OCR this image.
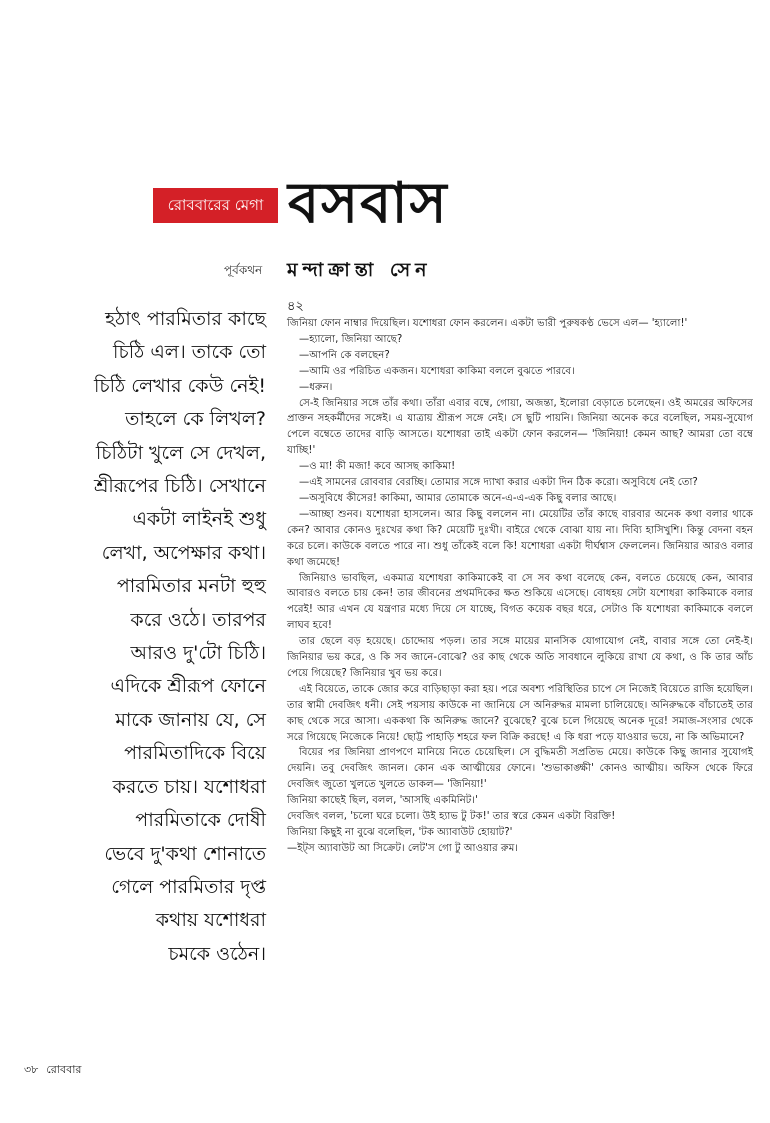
রোববারের মেগা বসবাস
পূর্বকথন মন্দাক্রান্তা সেন
হঠাৎ পারমিতার কাছে
চিঠি এল। তাকে তো
চিঠি লেখার কেউ নেই!
তাহলে কে লিখল?
চিঠিটা খুলে সে দেখল,
শ্রীরূপের চিঠি। সেখানে
একটা লাইনই শুধু
লেখা, অপেক্ষার কথা।
পারমিতার মনটা হুহু
করে ওঠে। তারপর
আরও দু'টো চিঠি।
এদিকে শ্রীরূপ ফোনে
মাকে জানায় যে, সে
পারমিতাদিকে বিয়ে
করতে চায়। যশোধরা
পারমিতাকে দোষী
ভেবে দু'কথা শোনাতে
গেলে পারমিতার দৃপ্ত
কথায় যশোধরা
চমকে ওঠেন।
৪২

জিনিয়া ফোন নাম্বার দিয়েছিল। যশোধরা ফোন করলেন। একটা ভারী পুরুষকণ্ঠ ভেসে এল— 'হ্যালো!'

—হ্যালো, জিনিয়া আছে?

—আপনি কে বলছেন?

—আমি ওর পরিচিত একজন। যশোধরা কাকিমা বললে বুঝতে পারবে।

—ধরুন।

সে-ই জিনিয়ার সঙ্গে তাঁর কথা। তাঁরা এবার বম্বে, গোয়া, অজন্তা, ইলোরা বেড়াতে চলেছেন। ওই অমরের অফিসের প্রাক্তন সহকর্মীদের সঙ্গেই। এ যাত্রায় শ্রীরূপ সঙ্গে নেই। সে ছুটি পায়নি। জিনিয়া অনেক করে বলেছিল, সময়-সুযোগ পেলে বম্বেতে তাদের বাড়ি আসতে। যশোধরা তাই একটা ফোন করলেন— 'জিনিয়া! কেমন আছ? আমরা তো বম্বে যাচ্ছি!'

—ও মা! কী মজা! কবে আসছ কাকিমা!

—এই সামনের রোববার বেরচ্ছি। তোমার সঙ্গে দ্যাখা করার একটা দিন ঠিক করো। অসুবিধে নেই তো?

—অসুবিধে কীসের! কাকিমা, আমার তোমাকে অনে-এ-এ-এক কিছু বলার আছে।

—আচ্ছা শুনব। যশোধরা হাসলেন। আর কিছু বললেন না। মেয়েটির তাঁর কাছে বারবার অনেক কথা বলার থাকে কেন? আবার কোনও দুঃখের কথা কি? মেয়েটি দুঃখী। বাইরে থেকে বোঝা যায় না। দিব্যি হাসিখুশি। কিন্তু বেদনা বহন করে চলে। কাউকে বলতে পারে না। শুধু তাঁকেই বলে কি! যশোধরা একটা দীর্ঘশ্বাস ফেললেন। জিনিয়ার আরও বলার কথা জমেছে!

জিনিয়াও ভাবছিল, একমাত্র যশোধরা কাকিমাকেই বা সে সব কথা বলেছে কেন, বলতে চেয়েছে কেন, আবার আবারও বলতে চায় কেন! তার জীবনের প্রথমদিকের ক্ষত শুকিয়ে এসেছে। বোধহয় সেটা যশোধরা কাকিমাকে বলার পরেই! আর এখন যে যন্ত্রণার মধ্যে দিয়ে সে যাচ্ছে, বিগত কয়েক বছর ধরে, সেটাও কি যশোধরা কাকিমাকে বললে লাঘব হবে!

তার ছেলে বড় হয়েছে। চোদ্দোয় পড়ল। তার সঙ্গে মায়ের মানসিক যোগাযোগ নেই, বাবার সঙ্গে তো নেই-ই। জিনিয়ার ভয় করে, ও কি সব জানে-বোঝে? ওর কাছ থেকে অতি সাবধানে লুকিয়ে রাখা যে কথা, ও কি তার আঁচ পেয়ে গিয়েছে? জিনিয়ার খুব ভয় করে।

এই বিয়েতে, তাকে জোর করে বাড়িছাড়া করা হয়। পরে অবশ্য পরিস্থিতির চাপে সে নিজেই বিয়েতে রাজি হয়েছিল। তার স্বামী দেবজিৎ ধনী। সেই পয়সায় কাউকে না জানিয়ে সে অনিরুদ্ধর মামলা চালিয়েছে। অনিরুদ্ধকে বাঁচাতেই তার কাছ থেকে সরে আসা। এককথা কি অনিরুদ্ধ জানে? বুঝেছে? বুঝে চলে গিয়েছে অনেক দূরে! সমাজ-সংসার থেকে সরে গিয়েছে নিজেকে নিয়ে! ছোট্ট পাহাড়ি শহরে ফল বিক্রি করছে! এ কি ধরা পড়ে যাওয়ার ভয়ে, না কি অভিমানে?

বিয়ের পর জিনিয়া প্রাণপণে মানিয়ে নিতে চেয়েছিল। সে বুদ্ধিমতী সপ্রতিভ মেয়ে। কাউকে কিছু জানার সুযোগই দেয়নি। তবু দেবজিৎ জানল। কোন এক আত্মীয়ের ফোনে। 'শুভাকাঙ্ক্ষী' কোনও আত্মীয়। অফিস থেকে ফিরে দেবজিৎ জুতো খুলতে খুলতে ডাকল— 'জিনিয়া!'

জিনিয়া কাছেই ছিল, বলল, 'আসছি একমিনিট।'

দেবজিৎ বলল, 'চলো ঘরে চলো। উই হ্যাভ টু টক!' তার স্বরে কেমন একটা বিরক্তি!

জিনিয়া কিছুই না বুঝে বলেছিল, 'টক অ্যাবাউট হোয়াট?'

—ইট্স অ্যাবাউট আ সিক্রেট। লেট'স গো টু আওয়ার রুম।

৩৮ রোববার
